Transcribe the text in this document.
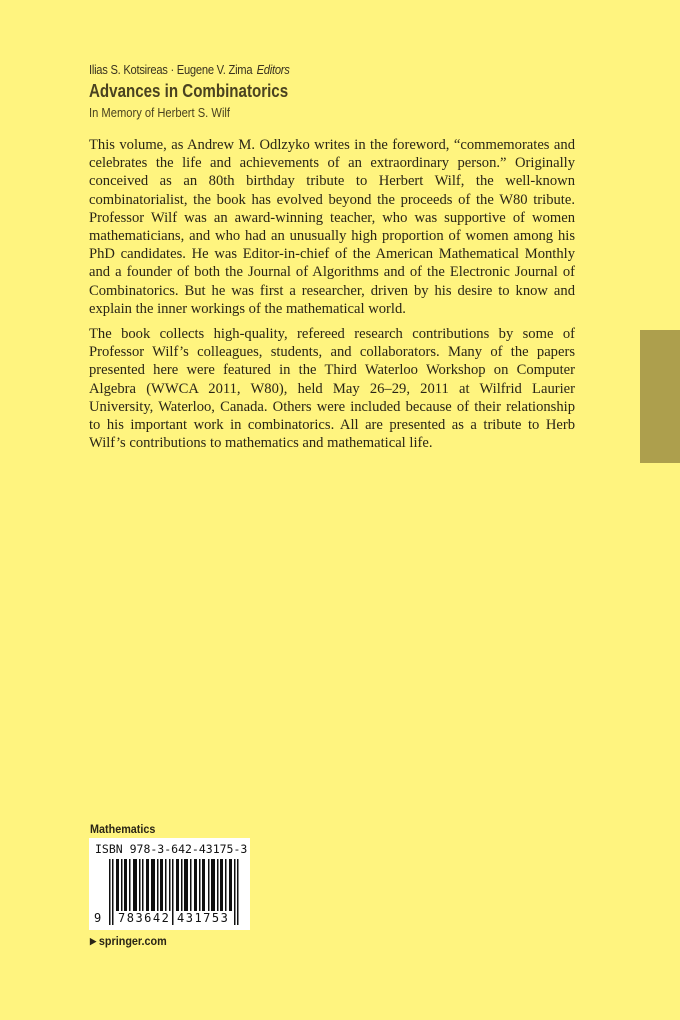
Ilias S. Kotsireas · Eugene V. Zima Editors
Advances in Combinatorics
In Memory of Herbert S. Wilf

This volume, as Andrew M. Odlzyko writes in the foreword, “commemorates and celebrates the life and achievements of an extraordinary person.” Originally conceived as an 80th birthday tribute to Herbert Wilf, the well-known combinatorialist, the book has evolved beyond the proceeds of the W80 tribute. Professor Wilf was an award-winning teacher, who was supportive of women mathematicians, and who had an unusually high proportion of women among his PhD candidates. He was Editor-in-chief of the American Mathematical Monthly and a founder of both the Journal of Algorithms and of the Electronic Journal of Combinatorics. But he was first a researcher, driven by his desire to know and explain the inner workings of the mathematical world.

The book collects high-quality, refereed research contributions by some of Professor Wilf’s colleagues, students, and collaborators. Many of the papers presented here were featured in the Third Waterloo Workshop on Computer Algebra (WWCA 2011, W80), held May 26–29, 2011 at Wilfrid Laurier University, Waterloo, Canada. Others were included because of their relationship to his important work in combinatorics. All are presented as a tribute to Herb Wilf’s contributions to mathematics and mathematical life.

Mathematics
ISBN 978-3-642-43175-3
9 783642 431753
▶ springer.com
